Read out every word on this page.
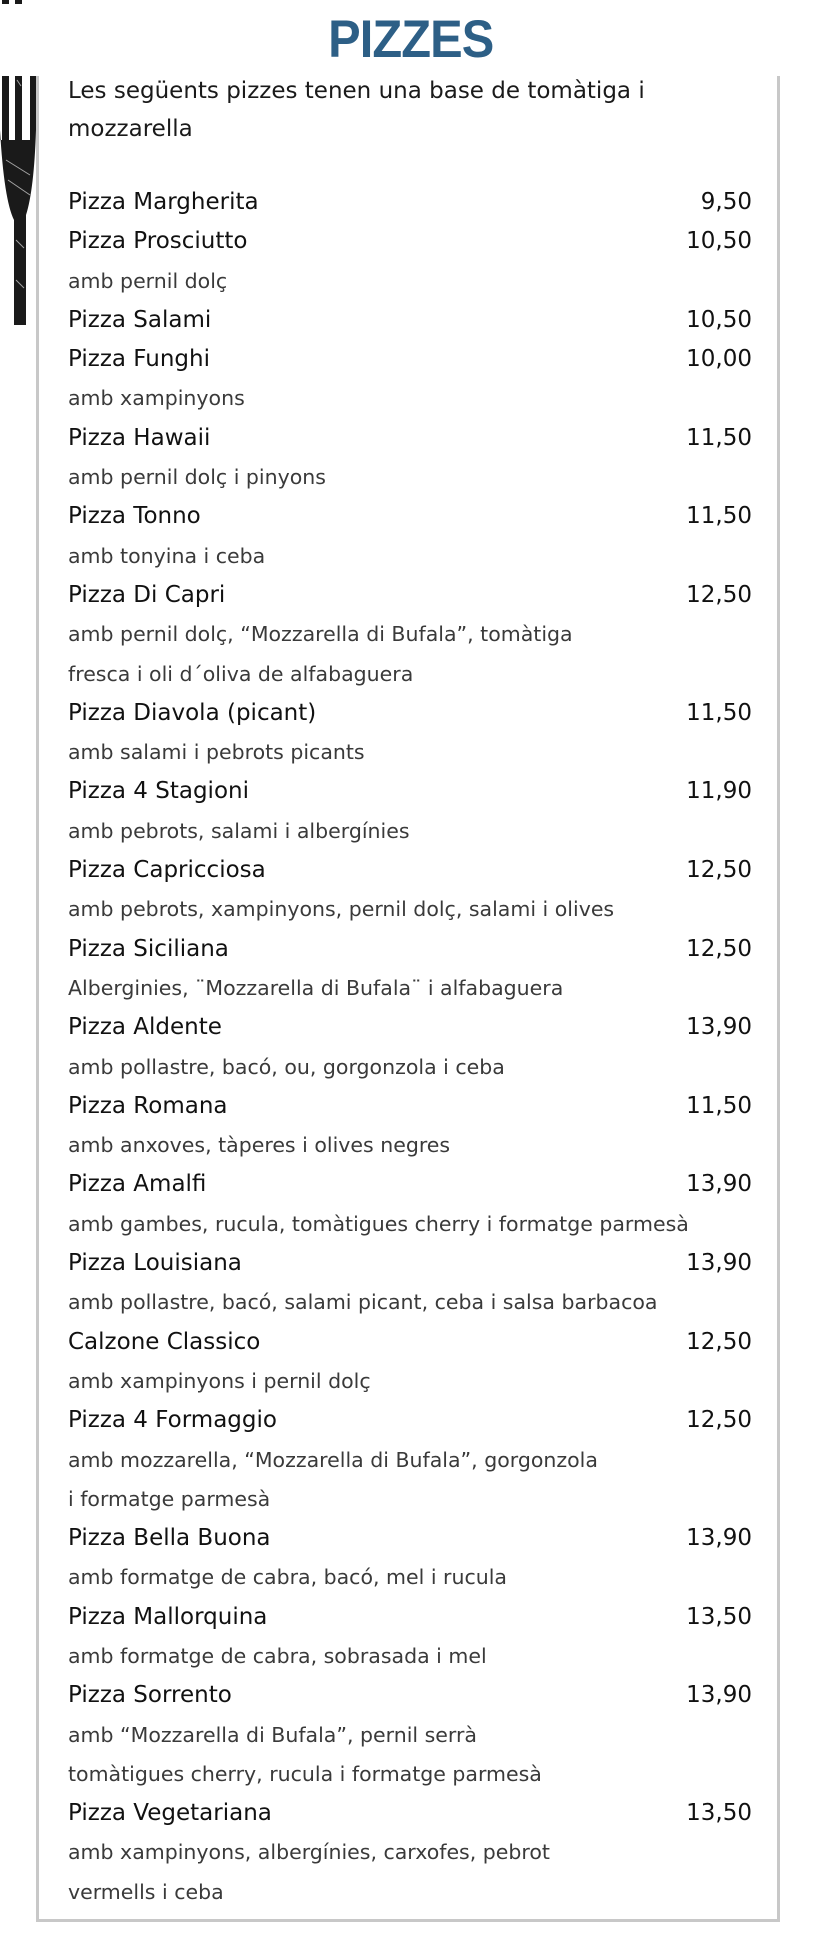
PIZZES
Les següents pizzes tenen una base de tomàtiga i
mozzarella
Pizza Margherita	9,50
Pizza Prosciutto	10,50
amb pernil dolç
Pizza Salami	10,50
Pizza Funghi	10,00
amb xampinyons
Pizza Hawaii	11,50
amb pernil dolç i pinyons
Pizza Tonno	11,50
amb tonyina i ceba
Pizza Di Capri	12,50
amb pernil dolç, “Mozzarella di Bufala”, tomàtiga
fresca i oli d´oliva de alfabaguera
Pizza Diavola (picant)	11,50
amb salami i pebrots picants
Pizza 4 Stagioni	11,90
amb pebrots, salami i albergínies
Pizza Capricciosa	12,50
amb pebrots, xampinyons, pernil dolç, salami i olives
Pizza Siciliana	12,50
Alberginies, ¨Mozzarella di Bufala¨ i alfabaguera
Pizza Aldente	13,90
amb pollastre, bacó, ou, gorgonzola i ceba
Pizza Romana	11,50
amb anxoves, tàperes i olives negres
Pizza Amalfi	13,90
amb gambes, rucula, tomàtigues cherry i formatge parmesà
Pizza Louisiana	13,90
amb pollastre, bacó, salami picant, ceba i salsa barbacoa
Calzone Classico	12,50
amb xampinyons i pernil dolç
Pizza 4 Formaggio	12,50
amb mozzarella, “Mozzarella di Bufala”, gorgonzola
i formatge parmesà
Pizza Bella Buona	13,90
amb formatge de cabra, bacó, mel i rucula
Pizza Mallorquina	13,50
amb formatge de cabra, sobrasada i mel
Pizza Sorrento	13,90
amb “Mozzarella di Bufala”, pernil serrà
tomàtigues cherry, rucula i formatge parmesà
Pizza Vegetariana	13,50
amb xampinyons, albergínies, carxofes, pebrot
vermells i ceba
